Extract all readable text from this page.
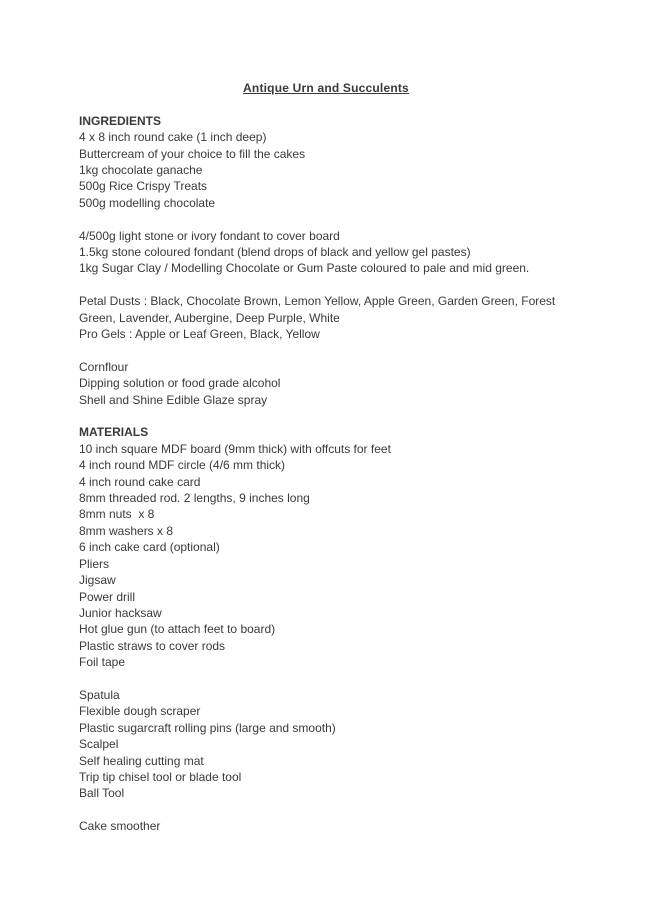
Antique Urn and Succulents
INGREDIENTS
4 x 8 inch round cake (1 inch deep)
Buttercream of your choice to fill the cakes
1kg chocolate ganache
500g Rice Crispy Treats
500g modelling chocolate
4/500g light stone or ivory fondant to cover board
1.5kg stone coloured fondant (blend drops of black and yellow gel pastes)
1kg Sugar Clay / Modelling Chocolate or Gum Paste coloured to pale and mid green.
Petal Dusts : Black, Chocolate Brown, Lemon Yellow, Apple Green, Garden Green, Forest
Green, Lavender, Aubergine, Deep Purple, White
Pro Gels : Apple or Leaf Green, Black, Yellow
Cornflour
Dipping solution or food grade alcohol
Shell and Shine Edible Glaze spray
MATERIALS
10 inch square MDF board (9mm thick) with offcuts for feet
4 inch round MDF circle (4/6 mm thick)
4 inch round cake card
8mm threaded rod. 2 lengths, 9 inches long
8mm nuts  x 8
8mm washers x 8
6 inch cake card (optional)
Pliers
Jigsaw
Power drill
Junior hacksaw
Hot glue gun (to attach feet to board)
Plastic straws to cover rods
Foil tape
Spatula
Flexible dough scraper
Plastic sugarcraft rolling pins (large and smooth)
Scalpel
Self healing cutting mat
Trip tip chisel tool or blade tool
Ball Tool
Cake smoother
